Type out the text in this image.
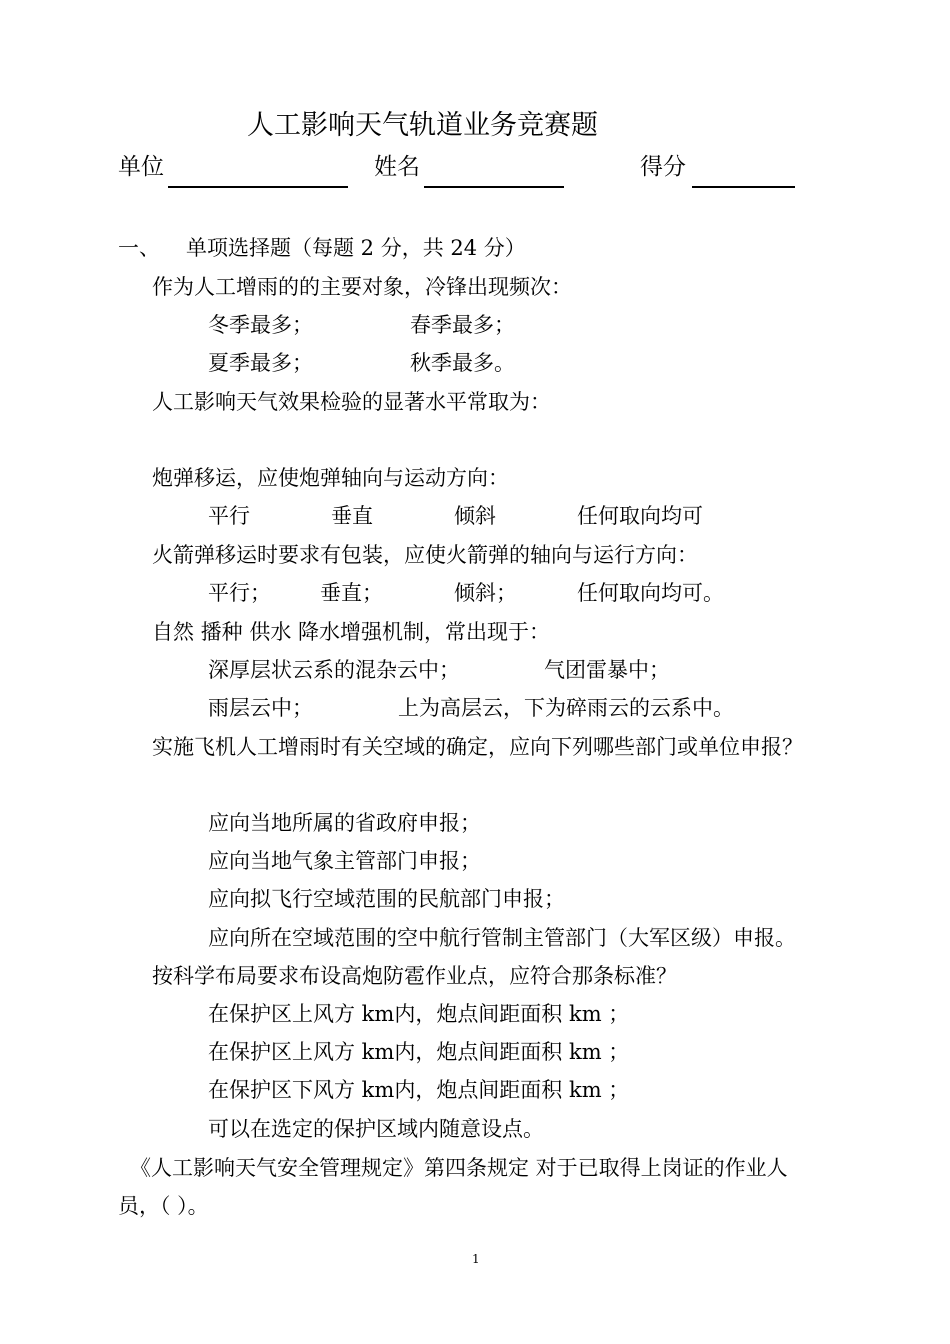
人工影响天气轨道业务竞赛题
单位	姓名	得分
一、 单项选择题（每题 2 分，共 24 分）
作为人工增雨的的主要对象，冷锋出现频次：
冬季最多；	春季最多；
夏季最多；	秋季最多。
人工影响天气效果检验的显著水平常取为：
炮弹移运，应使炮弹轴向与运动方向：
平行	垂直	倾斜	任何取向均可
火箭弹移运时要求有包装，应使火箭弹的轴向与运行方向：
平行； 垂直；	倾斜；	任何取向均可。
自然 播种 供水 降水增强机制，常出现于：
深厚层状云系的混杂云中；	气团雷暴中；
雨层云中；	上为高层云，下为碎雨云的云系中。
实施飞机人工增雨时有关空域的确定，应向下列哪些部门或单位申报？
应向当地所属的省政府申报；
应向当地气象主管部门申报；
应向拟飞行空域范围的民航部门申报；
应向所在空域范围的空中航行管制主管部门（大军区级）申报。
按科学布局要求布设高炮防雹作业点，应符合那条标准？
在保护区上风方 km内，炮点间距面积 km ；
在保护区上风方 km内，炮点间距面积 km ；
在保护区下风方 km内，炮点间距面积 km ；
可以在选定的保护区域内随意设点。
《人工影响天气安全管理规定》第四条规定 对于已取得上岗证的作业人
员，（ ）。
1
